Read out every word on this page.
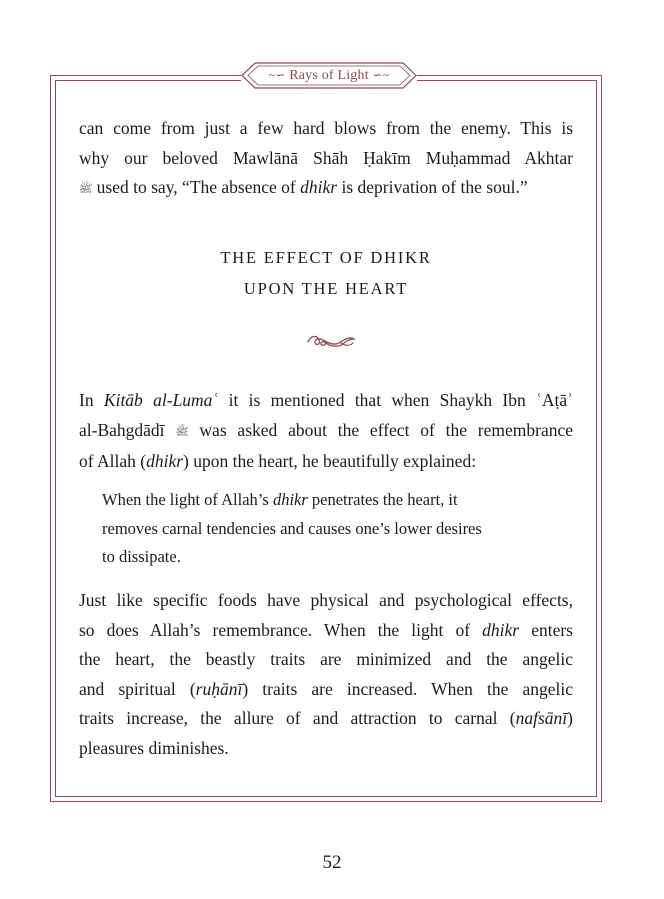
~∽ Rays of Light ∽~

can come from just a few hard blows from the enemy. This is
why our beloved Mawlānā Shāh Ḥakīm Muḥammad Akhtar
ﷺ used to say, “The absence of dhikr is deprivation of the soul.”

THE EFFECT OF DHIKR
UPON THE HEART

In Kitāb al-Lumaʿ it is mentioned that when Shaykh Ibn ʿAṭāʾ
al-Bahgdādī ﷺ was asked about the effect of the remembrance
of Allah (dhikr) upon the heart, he beautifully explained:

When the light of Allah’s dhikr penetrates the heart, it
removes carnal tendencies and causes one’s lower desires
to dissipate.

Just like specific foods have physical and psychological effects,
so does Allah’s remembrance. When the light of dhikr enters
the heart, the beastly traits are minimized and the angelic
and spiritual (ruḥānī) traits are increased. When the angelic
traits increase, the allure of and attraction to carnal (nafsānī)
pleasures diminishes.

52
